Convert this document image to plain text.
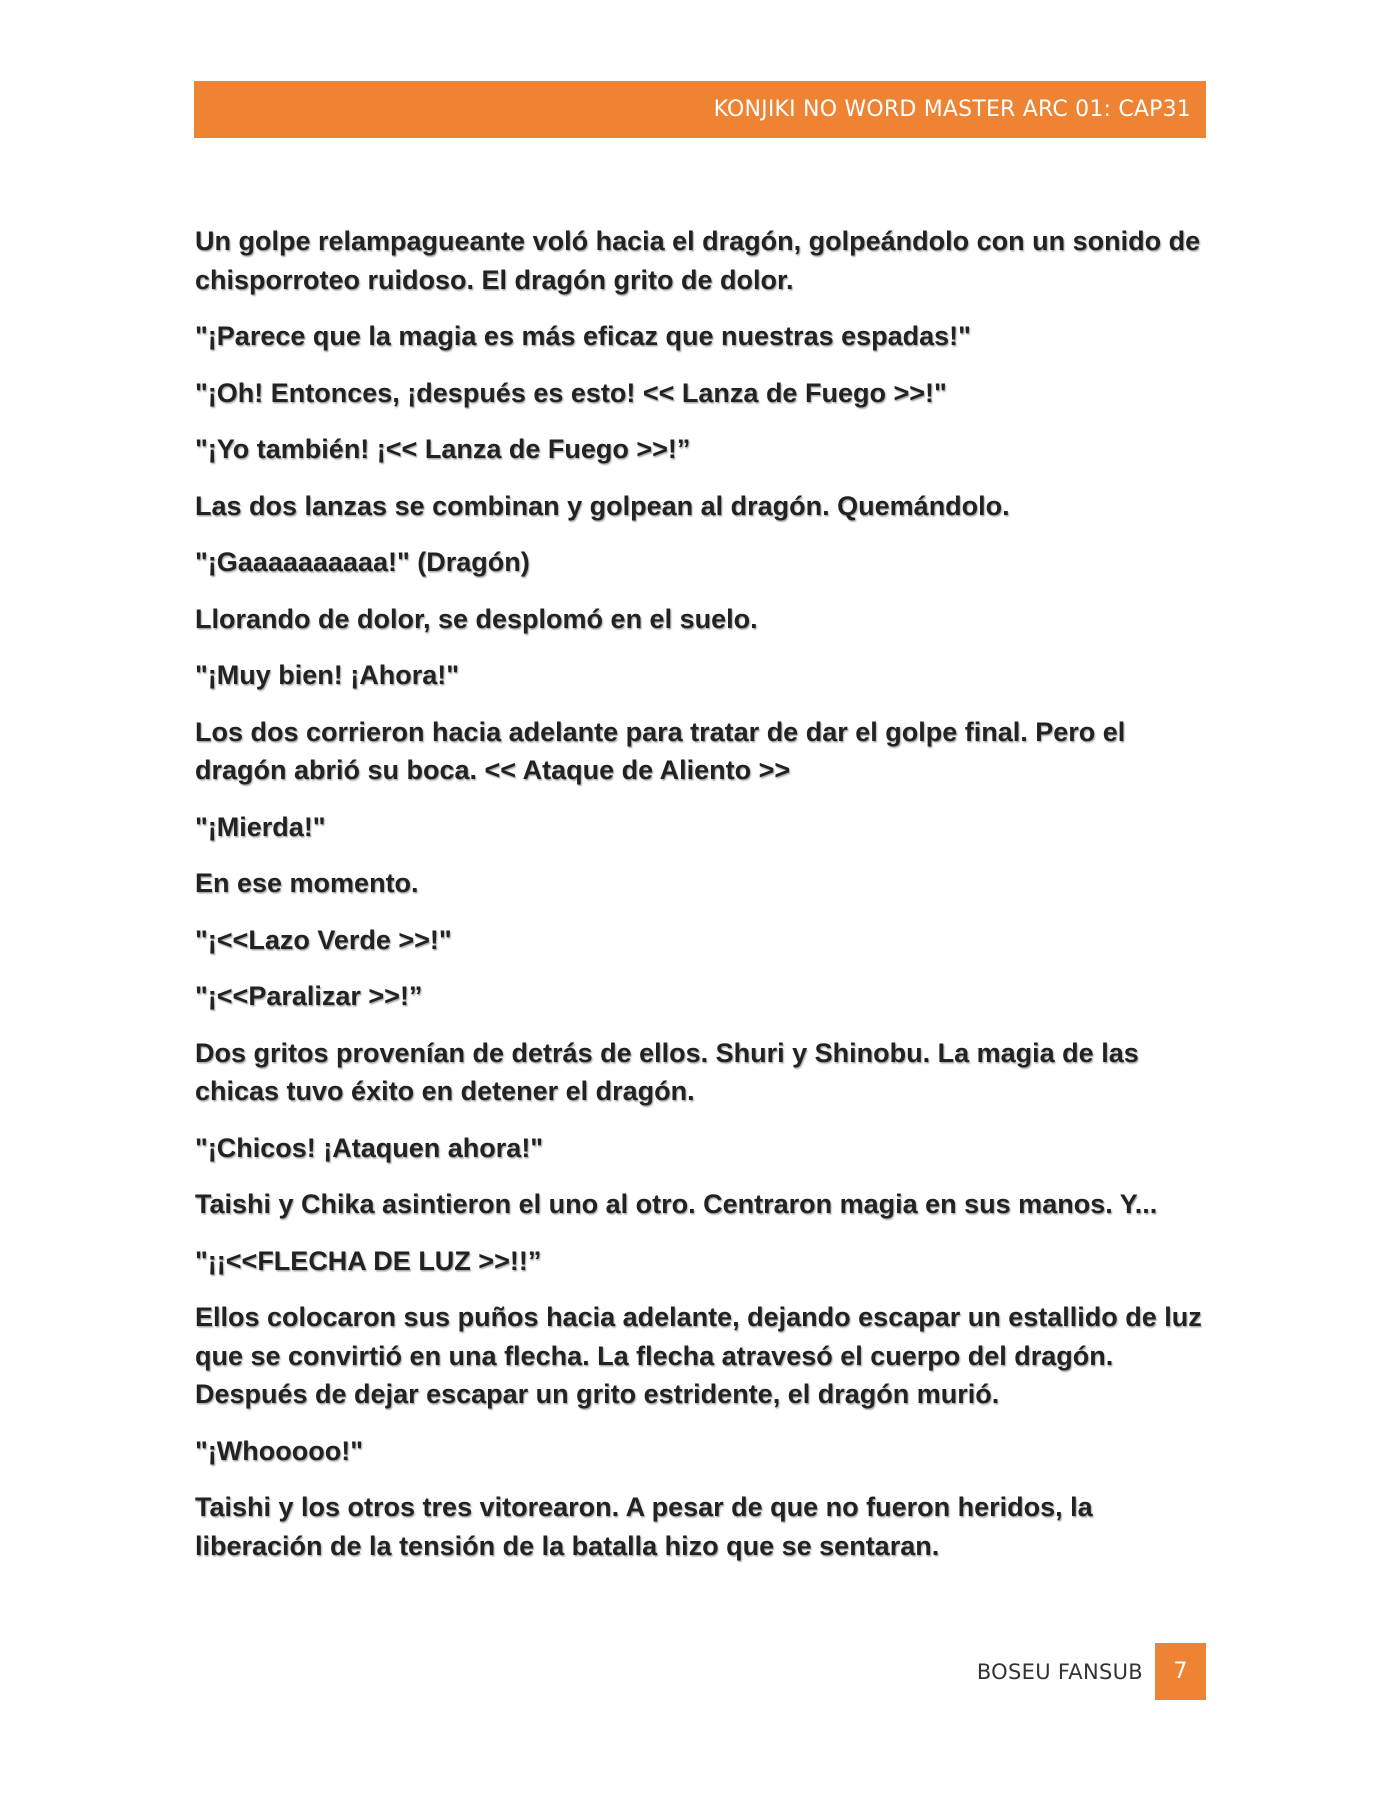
KONJIKI NO WORD MASTER ARC 01: CAP31

Un golpe relampagueante voló hacia el dragón, golpeándolo con un sonido de chisporroteo ruidoso. El dragón grito de dolor.

"¡Parece que la magia es más eficaz que nuestras espadas!"

"¡Oh! Entonces, ¡después es esto! << Lanza de Fuego >>!"

"¡Yo también! ¡<< Lanza de Fuego >>!”

Las dos lanzas se combinan y golpean al dragón. Quemándolo.

"¡Gaaaaaaaaaa!" (Dragón)

Llorando de dolor, se desplomó en el suelo.

"¡Muy bien! ¡Ahora!"

Los dos corrieron hacia adelante para tratar de dar el golpe final. Pero el dragón abrió su boca. << Ataque de Aliento >>

"¡Mierda!"

En ese momento.

"¡<<Lazo Verde >>!"

"¡<<Paralizar >>!”

Dos gritos provenían de detrás de ellos. Shuri y Shinobu. La magia de las chicas tuvo éxito en detener el dragón.

"¡Chicos! ¡Ataquen ahora!"

Taishi y Chika asintieron el uno al otro. Centraron magia en sus manos. Y...

"¡¡<<FLECHA DE LUZ >>!!”

Ellos colocaron sus puños hacia adelante, dejando escapar un estallido de luz que se convirtió en una flecha. La flecha atravesó el cuerpo del dragón. Después de dejar escapar un grito estridente, el dragón murió.

"¡Whooooo!"

Taishi y los otros tres vitorearon. A pesar de que no fueron heridos, la liberación de la tensión de la batalla hizo que se sentaran.

BOSEU FANSUB	7
